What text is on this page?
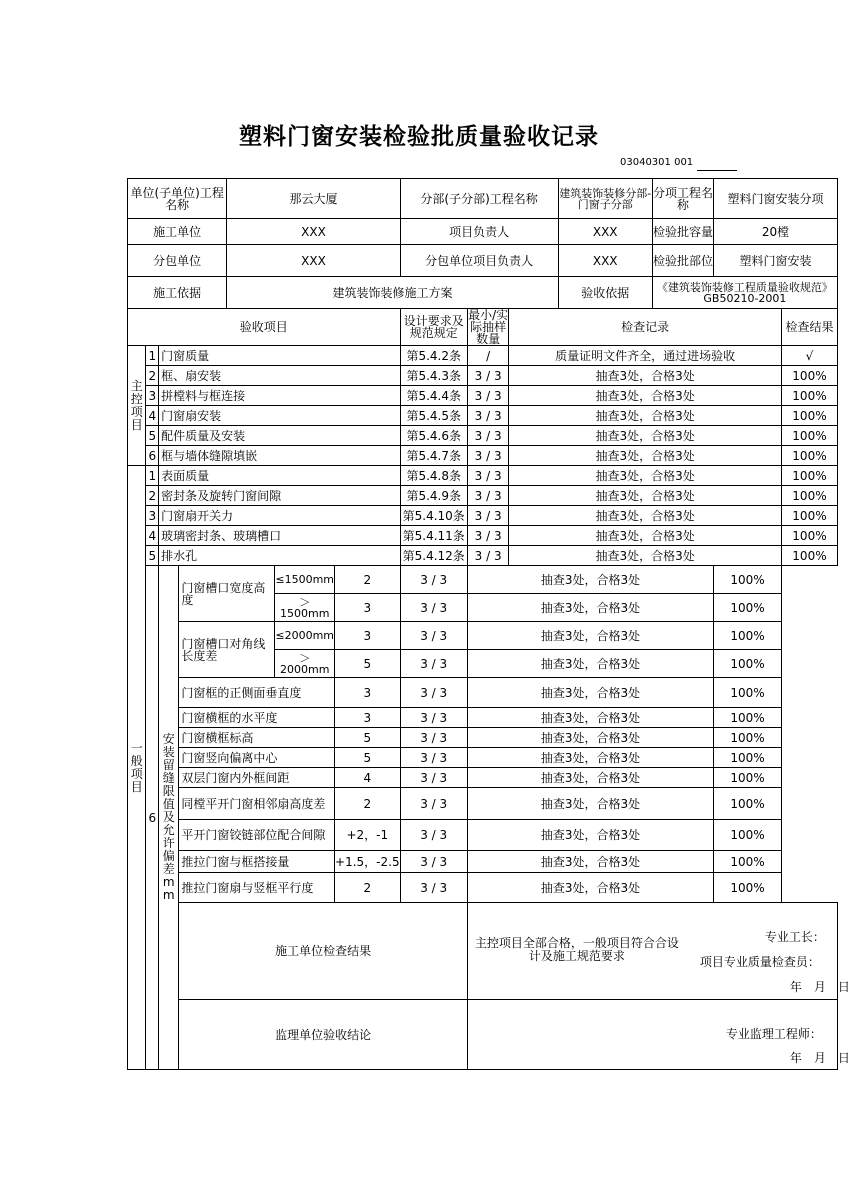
塑料门窗安装检验批质量验收记录
03040301 001
单位(子单位)工程名称				那云大厦			分部(子分部)工程名称			建筑装饰装修分部-门窗子分部	分项工程名称	塑料门窗安装分项	
施工单位				XXX			项目负责人			XXX	检验批容量	20樘	
分包单位				XXX			分包单位项目负责人			XXX	检验批部位	塑料门窗安装	
施工依据				建筑装饰装修施工方案						验收依据	《建筑装饰装修工程质量验收规范》GB50210-2001		
验收项目							设计要求及规范规定	最小/实际抽样数量	检查记录				检查结果
主控项目	1	门窗质量					第5.4.2条	/	质量证明文件齐全，通过进场验收				√
	2	框、扇安装					第5.4.3条	3 / 3	抽查3处，合格3处				100%
	3	拼樘料与框连接					第5.4.4条	3 / 3	抽查3处，合格3处				100%
	4	门窗扇安装					第5.4.5条	3 / 3	抽查3处，合格3处				100%
	5	配件质量及安装					第5.4.6条	3 / 3	抽查3处，合格3处				100%
	6	框与墙体缝隙填嵌					第5.4.7条	3 / 3	抽查3处，合格3处				100%
一般项目	1	表面质量					第5.4.8条	3 / 3	抽查3处，合格3处				100%
	2	密封条及旋转门窗间隙					第5.4.9条	3 / 3	抽查3处，合格3处				100%
	3	门窗扇开关力					第5.4.10条	3 / 3	抽查3处，合格3处				100%
	4	玻璃密封条、玻璃槽口					第5.4.11条	3 / 3	抽查3处，合格3处				100%
	5	排水孔					第5.4.12条	3 / 3	抽查3处，合格3处				100%
	6	安装留缝限值及允许偏差mm	门窗槽口宽度高度		≤1500mm	2	3 / 3	抽查3处，合格3处				100%	
					＞1500mm	3	3 / 3	抽查3处，合格3处				100%	
			门窗槽口对角线长度差		≤2000mm	3	3 / 3	抽查3处，合格3处				100%	
					＞2000mm	5	3 / 3	抽查3处，合格3处				100%	
			门窗框的正侧面垂直度			3	3 / 3	抽查3处，合格3处				100%	
			门窗横框的水平度			3	3 / 3	抽查3处，合格3处				100%	
			门窗横框标高			5	3 / 3	抽查3处，合格3处				100%	
			门窗竖向偏离中心			5	3 / 3	抽查3处，合格3处				100%	
			双层门窗内外框间距			4	3 / 3	抽查3处，合格3处				100%	
			同樘平开门窗相邻扇高度差			2	3 / 3	抽查3处，合格3处				100%	
			平开门窗铰链部位配合间隙			+2，-1	3 / 3	抽查3处，合格3处				100%	
			推拉门窗与框搭接量			+1.5，-2.5	3 / 3	抽查3处，合格3处				100%	
			推拉门窗扇与竖框平行度			2	3 / 3	抽查3处，合格3处				100%	
			施工单位检查结果					主控项目全部合格，一般项目符合合设计及施工规范要求
专业工长：
项目专业质量检查员：
年　月　日					

			监理单位验收结论					专业监理工程师：
年　月　日					
